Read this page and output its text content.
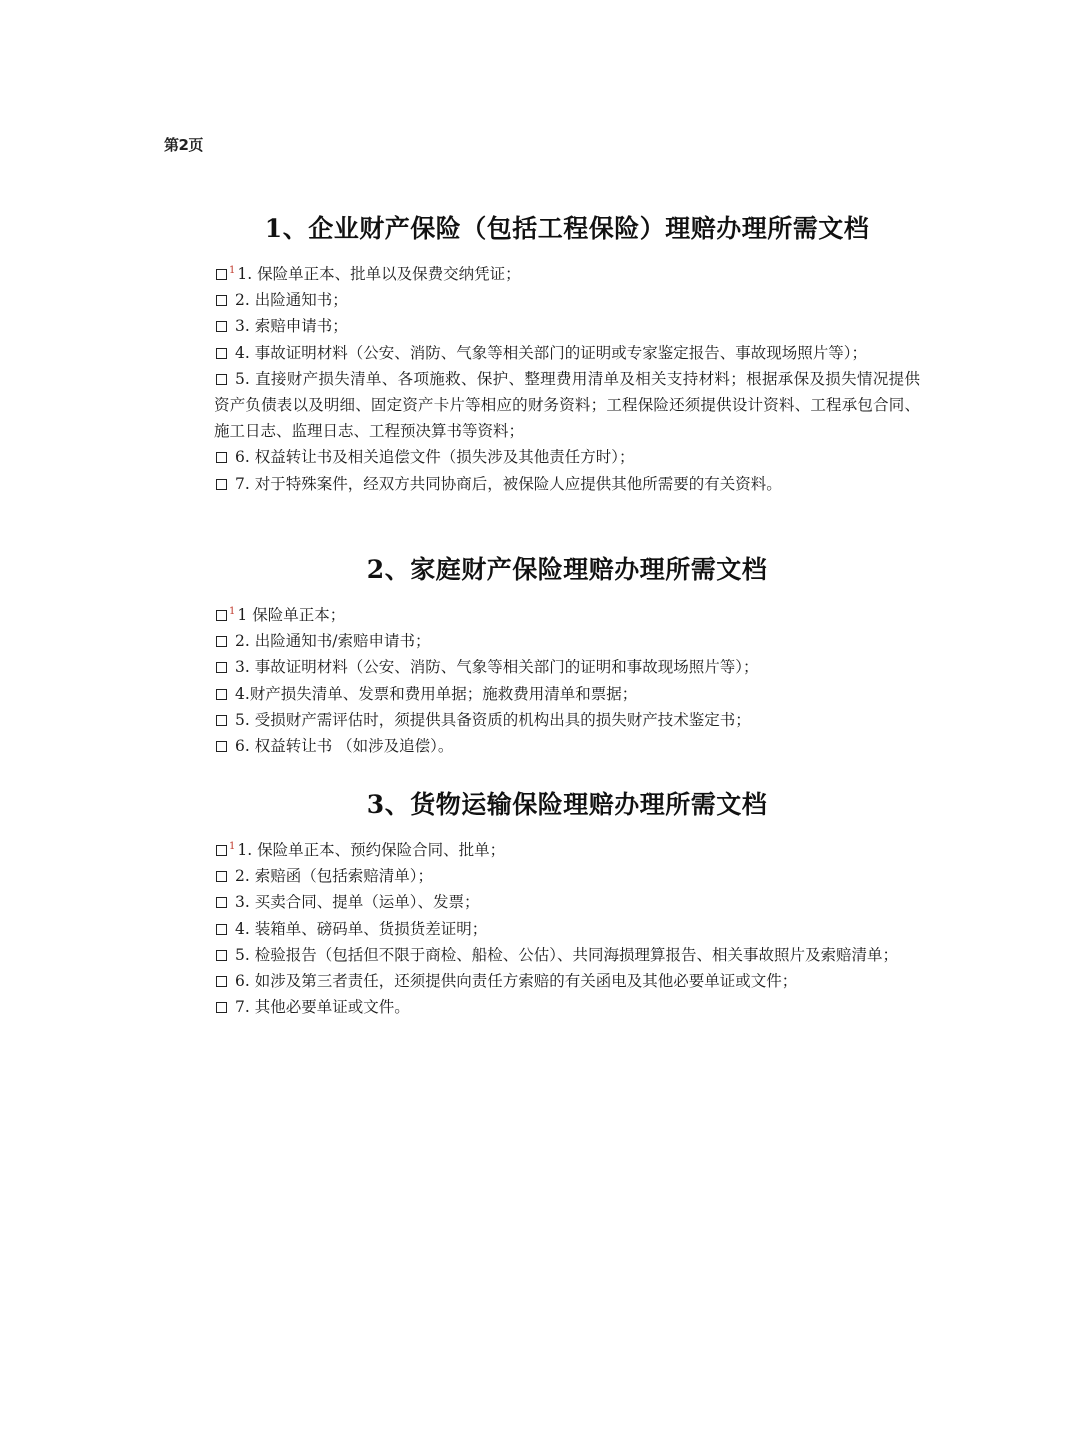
第2页
1、企业财产保险（包括工程保险）理赔办理所需文档
$^1$ 1. 保险单正本、批单以及保费交纳凭证；
2. 出险通知书；
3. 索赔申请书；
4. 事故证明材料（公安、消防、气象等相关部门的证明或专家鉴定报告、事故现场照片等）；
5. 直接财产损失清单、各项施救、保护、整理费用清单及相关支持材料；根据承保及损失情况提供资产负债表以及明细、固定资产卡片等相应的财务资料；工程保险还须提供设计资料、工程承包合同、施工日志、监理日志、工程预决算书等资料；
6. 权益转让书及相关追偿文件（损失涉及其他责任方时）；
7. 对于特殊案件，经双方共同协商后，被保险人应提供其他所需要的有关资料。
2、家庭财产保险理赔办理所需文档
$^1$ 1 保险单正本；
2. 出险通知书/索赔申请书；
3. 事故证明材料（公安、消防、气象等相关部门的证明和事故现场照片等）；
4.财产损失清单、发票和费用单据；施救费用清单和票据；
5. 受损财产需评估时，须提供具备资质的机构出具的损失财产技术鉴定书；
6. 权益转让书 （如涉及追偿）。
3、货物运输保险理赔办理所需文档
$^1$ 1. 保险单正本、预约保险合同、批单；
2. 索赔函（包括索赔清单）；
3. 买卖合同、提单（运单）、发票；
4. 装箱单、磅码单、货损货差证明；
5. 检验报告（包括但不限于商检、船检、公估）、共同海损理算报告、相关事故照片及索赔清单；
6. 如涉及第三者责任，还须提供向责任方索赔的有关函电及其他必要单证或文件；
7. 其他必要单证或文件。
